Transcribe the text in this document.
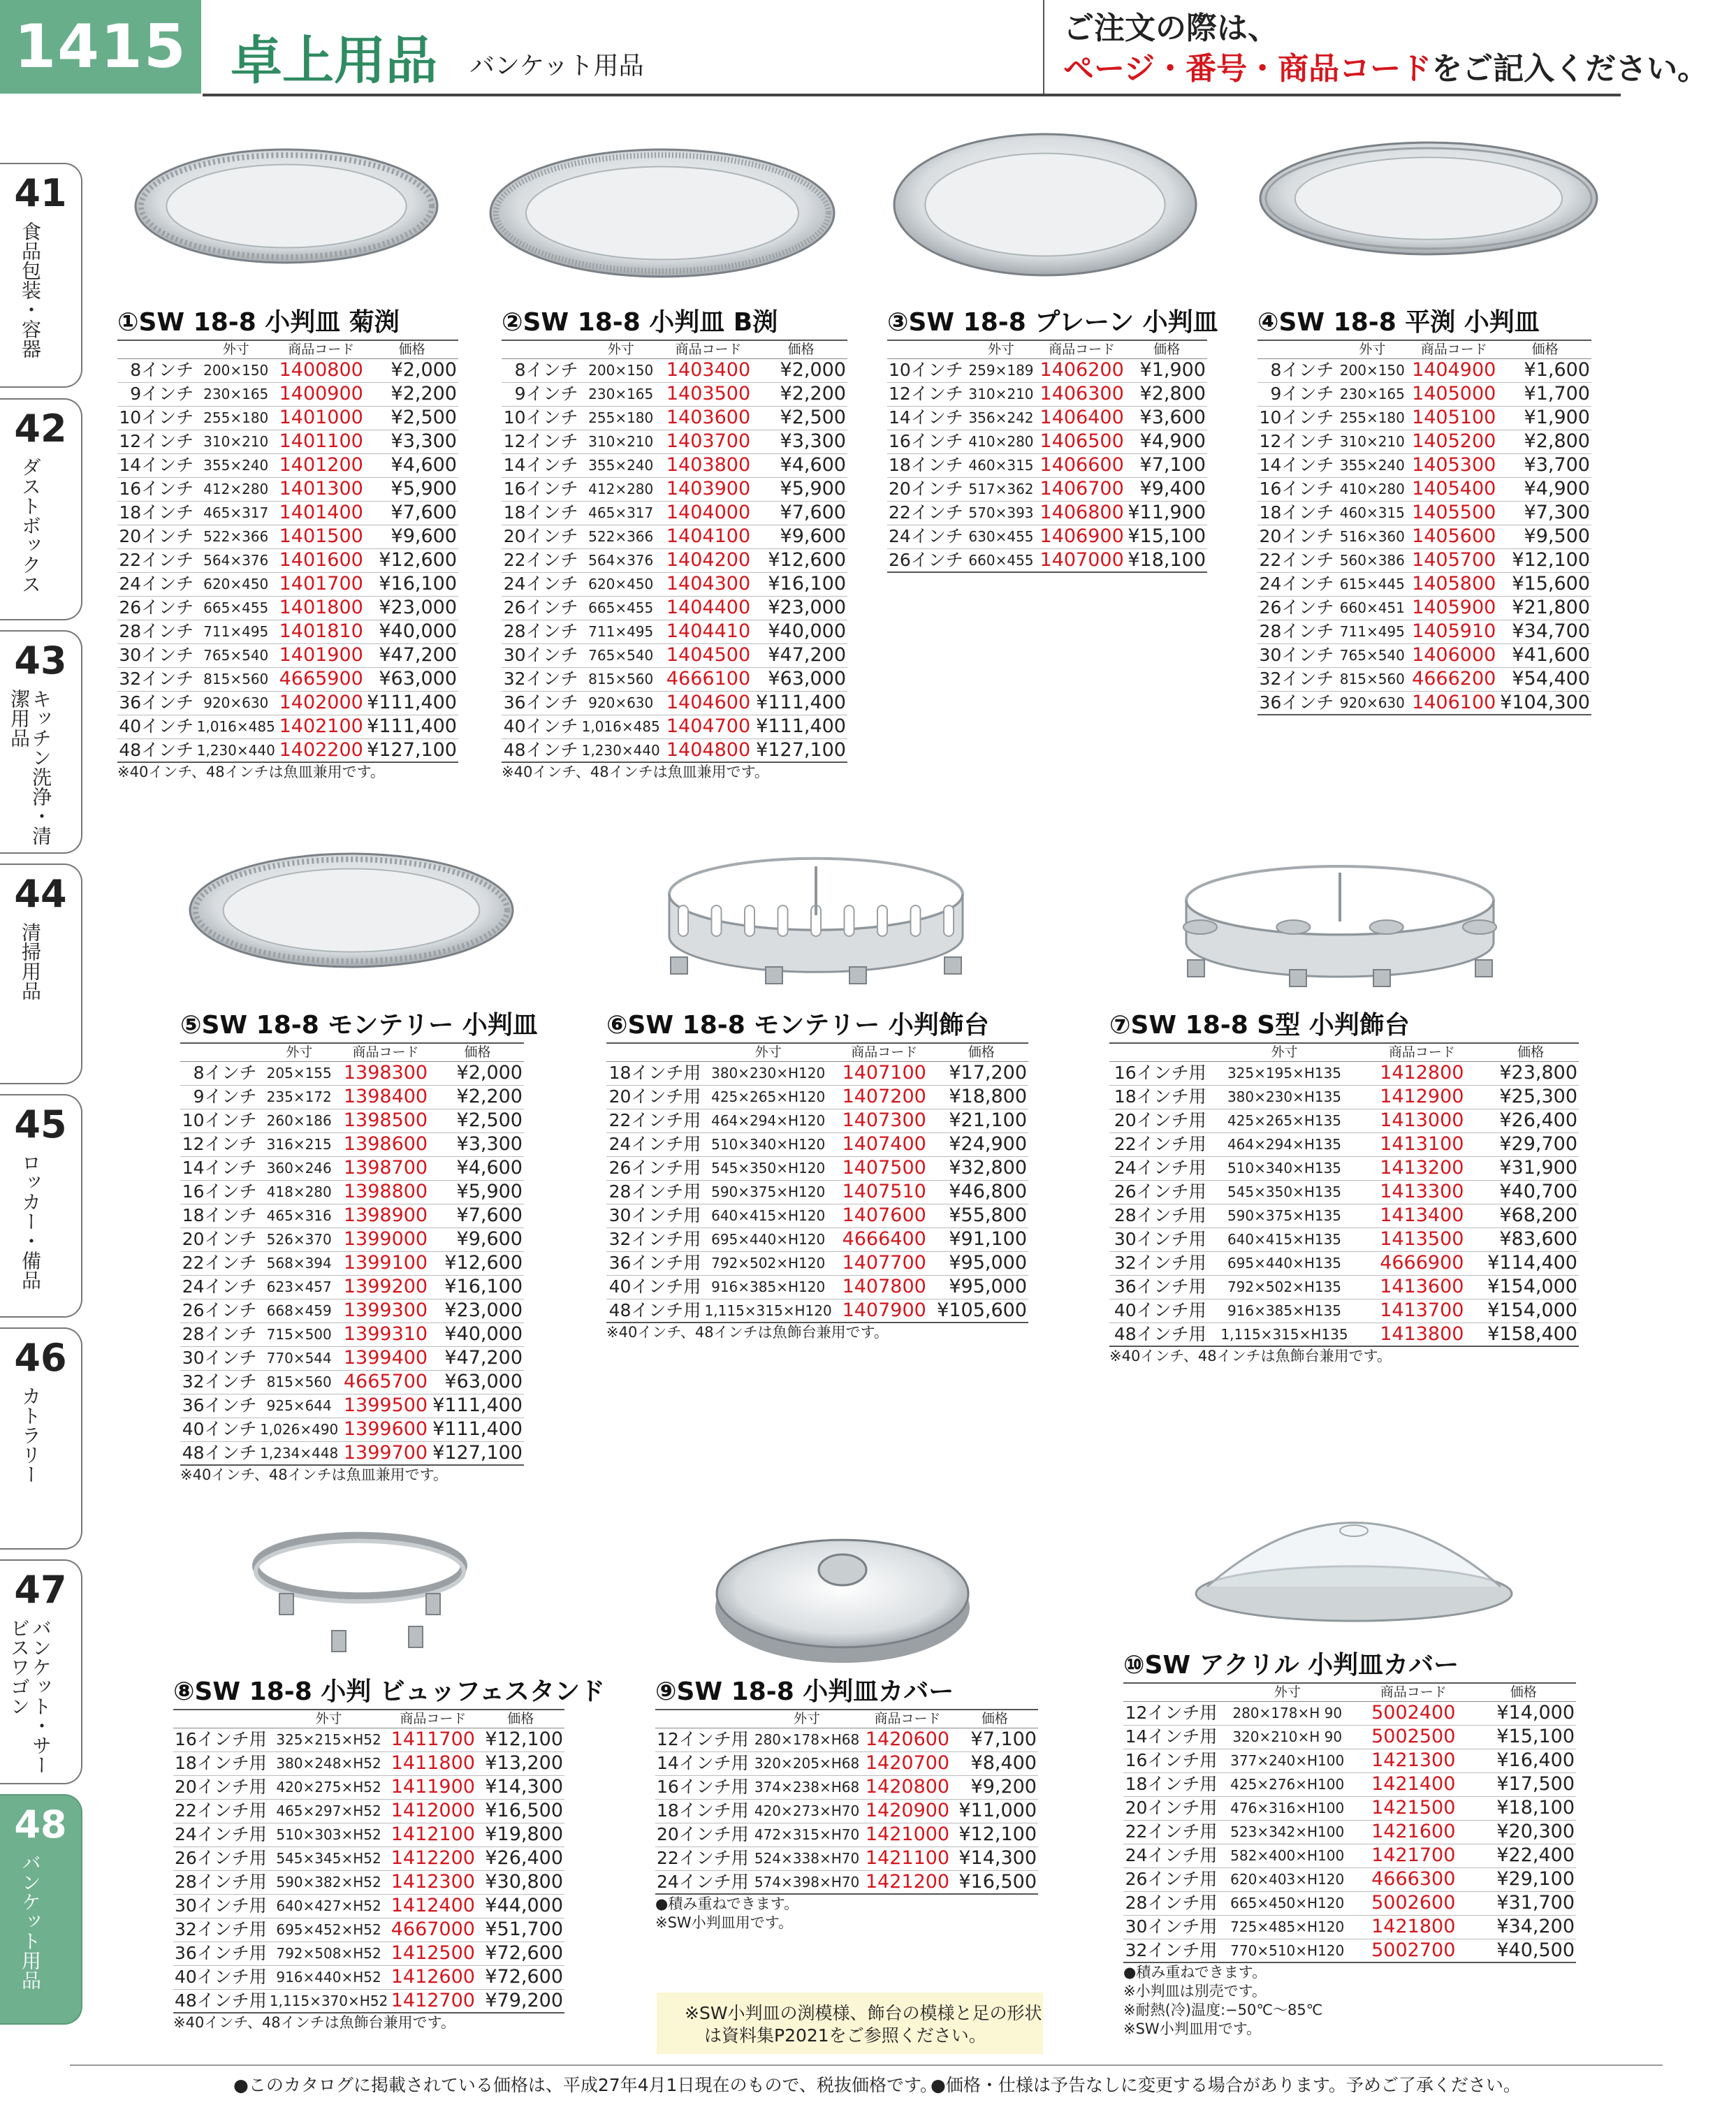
1415 卓上用品 バンケット用品
ご注文の際は、
ページ・番号・商品コードをご記入ください。
41
食品包装・容器
42
ダストボックス
43
キッチン洗浄・清潔用品
44
清掃用品
45
ロッカー・備品
46
カトラリー
47
バンケット・サービスワゴン
48
バンケット用品
①SW 18-8 小判皿 菊渕
	外寸	商品コード	価格
8インチ	200×150	1400800	¥2,000
9インチ	230×165	1400900	¥2,200
10インチ	255×180	1401000	¥2,500
12インチ	310×210	1401100	¥3,300
14インチ	355×240	1401200	¥4,600
16インチ	412×280	1401300	¥5,900
18インチ	465×317	1401400	¥7,600
20インチ	522×366	1401500	¥9,600
22インチ	564×376	1401600	¥12,600
24インチ	620×450	1401700	¥16,100
26インチ	665×455	1401800	¥23,000
28インチ	711×495	1401810	¥40,000
30インチ	765×540	1401900	¥47,200
32インチ	815×560	4665900	¥63,000
36インチ	920×630	1402000	¥111,400
40インチ	1,016×485	1402100	¥111,400
48インチ	1,230×440	1402200	¥127,100
※40インチ、48インチは魚皿兼用です。
②SW 18-8 小判皿 B渕
	外寸	商品コード	価格
8インチ	200×150	1403400	¥2,000
9インチ	230×165	1403500	¥2,200
10インチ	255×180	1403600	¥2,500
12インチ	310×210	1403700	¥3,300
14インチ	355×240	1403800	¥4,600
16インチ	412×280	1403900	¥5,900
18インチ	465×317	1404000	¥7,600
20インチ	522×366	1404100	¥9,600
22インチ	564×376	1404200	¥12,600
24インチ	620×450	1404300	¥16,100
26インチ	665×455	1404400	¥23,000
28インチ	711×495	1404410	¥40,000
30インチ	765×540	1404500	¥47,200
32インチ	815×560	4666100	¥63,000
36インチ	920×630	1404600	¥111,400
40インチ	1,016×485	1404700	¥111,400
48インチ	1,230×440	1404800	¥127,100
※40インチ、48インチは魚皿兼用です。
③SW 18-8 プレーン 小判皿
	外寸	商品コード	価格
10インチ	259×189	1406200	¥1,900
12インチ	310×210	1406300	¥2,800
14インチ	356×242	1406400	¥3,600
16インチ	410×280	1406500	¥4,900
18インチ	460×315	1406600	¥7,100
20インチ	517×362	1406700	¥9,400
22インチ	570×393	1406800	¥11,900
24インチ	630×455	1406900	¥15,100
26インチ	660×455	1407000	¥18,100
④SW 18-8 平渕 小判皿
	外寸	商品コード	価格
8インチ	200×150	1404900	¥1,600
9インチ	230×165	1405000	¥1,700
10インチ	255×180	1405100	¥1,900
12インチ	310×210	1405200	¥2,800
14インチ	355×240	1405300	¥3,700
16インチ	410×280	1405400	¥4,900
18インチ	460×315	1405500	¥7,300
20インチ	516×360	1405600	¥9,500
22インチ	560×386	1405700	¥12,100
24インチ	615×445	1405800	¥15,600
26インチ	660×451	1405900	¥21,800
28インチ	711×495	1405910	¥34,700
30インチ	765×540	1406000	¥41,600
32インチ	815×560	4666200	¥54,400
36インチ	920×630	1406100	¥104,300
⑤SW 18-8 モンテリー 小判皿
	外寸	商品コード	価格
8インチ	205×155	1398300	¥2,000
9インチ	235×172	1398400	¥2,200
10インチ	260×186	1398500	¥2,500
12インチ	316×215	1398600	¥3,300
14インチ	360×246	1398700	¥4,600
16インチ	418×280	1398800	¥5,900
18インチ	465×316	1398900	¥7,600
20インチ	526×370	1399000	¥9,600
22インチ	568×394	1399100	¥12,600
24インチ	623×457	1399200	¥16,100
26インチ	668×459	1399300	¥23,000
28インチ	715×500	1399310	¥40,000
30インチ	770×544	1399400	¥47,200
32インチ	815×560	4665700	¥63,000
36インチ	925×644	1399500	¥111,400
40インチ	1,026×490	1399600	¥111,400
48インチ	1,234×448	1399700	¥127,100
※40インチ、48インチは魚皿兼用です。
⑥SW 18-8 モンテリー 小判飾台
	外寸	商品コード	価格
18インチ用	380×230×H120	1407100	¥17,200
20インチ用	425×265×H120	1407200	¥18,800
22インチ用	464×294×H120	1407300	¥21,100
24インチ用	510×340×H120	1407400	¥24,900
26インチ用	545×350×H120	1407500	¥32,800
28インチ用	590×375×H120	1407510	¥46,800
30インチ用	640×415×H120	1407600	¥55,800
32インチ用	695×440×H120	4666400	¥91,100
36インチ用	792×502×H120	1407700	¥95,000
40インチ用	916×385×H120	1407800	¥95,000
48インチ用	1,115×315×H120	1407900	¥105,600
※40インチ、48インチは魚飾台兼用です。
⑦SW 18-8 S型 小判飾台
	外寸	商品コード	価格
16インチ用	325×195×H135	1412800	¥23,800
18インチ用	380×230×H135	1412900	¥25,300
20インチ用	425×265×H135	1413000	¥26,400
22インチ用	464×294×H135	1413100	¥29,700
24インチ用	510×340×H135	1413200	¥31,900
26インチ用	545×350×H135	1413300	¥40,700
28インチ用	590×375×H135	1413400	¥68,200
30インチ用	640×415×H135	1413500	¥83,600
32インチ用	695×440×H135	4666900	¥114,400
36インチ用	792×502×H135	1413600	¥154,000
40インチ用	916×385×H135	1413700	¥154,000
48インチ用	1,115×315×H135	1413800	¥158,400
※40インチ、48インチは魚飾台兼用です。
⑧SW 18-8 小判 ビュッフェスタンド
	外寸	商品コード	価格
16インチ用	325×215×H52	1411700	¥12,100
18インチ用	380×248×H52	1411800	¥13,200
20インチ用	420×275×H52	1411900	¥14,300
22インチ用	465×297×H52	1412000	¥16,500
24インチ用	510×303×H52	1412100	¥19,800
26インチ用	545×345×H52	1412200	¥26,400
28インチ用	590×382×H52	1412300	¥30,800
30インチ用	640×427×H52	1412400	¥44,000
32インチ用	695×452×H52	4667000	¥51,700
36インチ用	792×508×H52	1412500	¥72,600
40インチ用	916×440×H52	1412600	¥72,600
48インチ用	1,115×370×H52	1412700	¥79,200
※40インチ、48インチは魚飾台兼用です。
⑨SW 18-8 小判皿カバー
	外寸	商品コード	価格
12インチ用	280×178×H68	1420600	¥7,100
14インチ用	320×205×H68	1420700	¥8,400
16インチ用	374×238×H68	1420800	¥9,200
18インチ用	420×273×H70	1420900	¥11,000
20インチ用	472×315×H70	1421000	¥12,100
22インチ用	524×338×H70	1421100	¥14,300
24インチ用	574×398×H70	1421200	¥16,500
●積み重ねできます。
※SW小判皿用です。
⑩SW アクリル 小判皿カバー
	外寸	商品コード	価格
12インチ用	280×178×H 90	5002400	¥14,000
14インチ用	320×210×H 90	5002500	¥15,100
16インチ用	377×240×H100	1421300	¥16,400
18インチ用	425×276×H100	1421400	¥17,500
20インチ用	476×316×H100	1421500	¥18,100
22インチ用	523×342×H100	1421600	¥20,300
24インチ用	582×400×H100	1421700	¥22,400
26インチ用	620×403×H120	4666300	¥29,100
28インチ用	665×450×H120	5002600	¥31,700
30インチ用	725×485×H120	1421800	¥34,200
32インチ用	770×510×H120	5002700	¥40,500
●積み重ねできます。
※小判皿は別売です。
※耐熱(冷)温度:−50℃〜85℃
※SW小判皿用です。
※SW小判皿の渕模様、飾台の模様と足の形状
は資料集P2021をご参照ください。
●このカタログに掲載されている価格は、平成27年4月1日現在のもので、税抜価格です。
●価格・仕様は予告なしに変更する場合があります。予めご了承ください。
